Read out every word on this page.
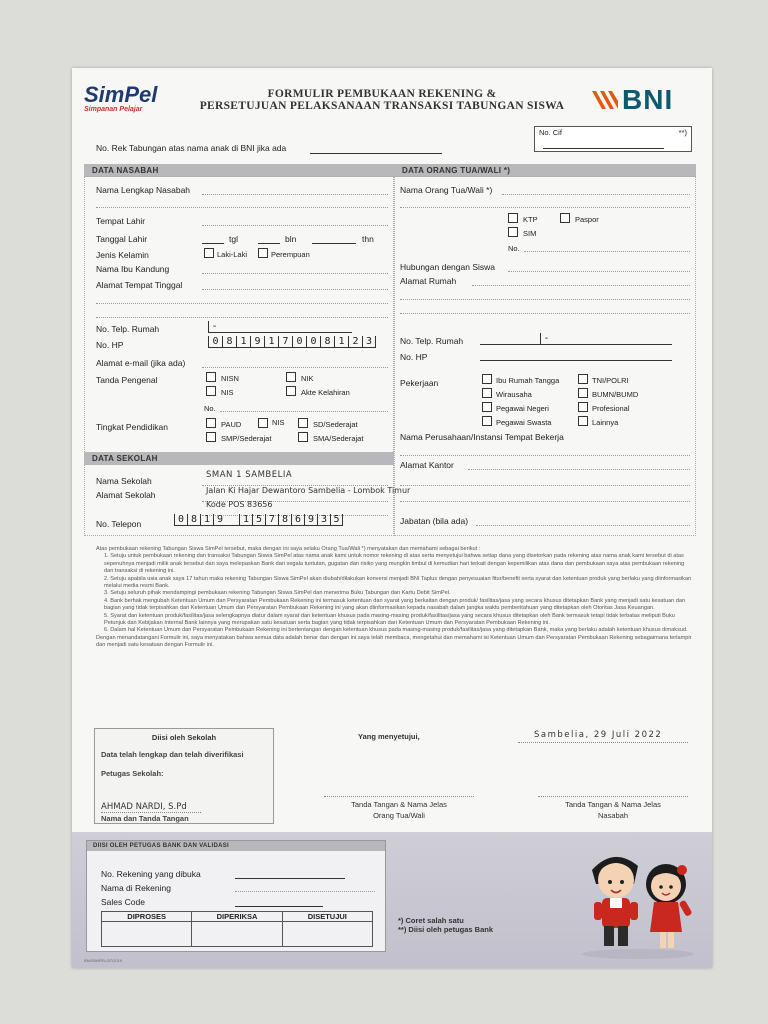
SimPel
Simpanan Pelajar
FORMULIR PEMBUKAAN REKENING &
PERSETUJUAN PELAKSANAAN TRANSAKSI TABUNGAN SISWA BNI
No. Cif	**)
No. Rek Tabungan atas nama anak di BNI jika ada
DATA NASABAH	DATA ORANG TUA/WALI *)
Nama Lengkap Nasabah
Tempat Lahir
Tanggal Lahir	tgl	bln	thn
Jenis Kelamin	Laki-Laki	Perempuan
Nama Ibu Kandung
Alamat Tempat Tinggal
No. Telp. Rumah	-
No. HP	0 8 1 9 1 7 0 0 8 1 2 3
Alamat e-mail (jika ada)
Tanda Pengenal	NISN	NIK
NIS	Akte Kelahiran
No.
Tingkat Pendidikan	PAUD	NIS	SD/Sederajat
SMP/Sederajat	SMA/Sederajat
DATA SEKOLAH
Nama Sekolah
SMAN 1 SAMBELIA
Alamat Sekolah	Jalan Ki Hajar Dewantoro Sambelia - Lombok Timur
Kode POS 83656
No. Telepon	0 8 1 9	1 5 7 8 6 9 3 5
Nama Orang Tua/Wali *)
KTP	Paspor
SIM
No.
Hubungan dengan Siswa
Alamat Rumah
No. Telp. Rumah	-
No. HP
Pekerjaan	Ibu Rumah Tangga
Wirausaha
Pegawai Negeri
Pegawai Swasta
TNI/POLRI
BUMN/BUMD
Profesional
Lainnya
Nama Perusahaan/Instansi Tempat Bekerja
Alamat Kantor
Jabatan (bila ada)
Atas pembukaan rekening Tabungan Siswa SimPel tersebut, maka dengan ini saya selaku Orang Tua/Wali *) menyatakan dan memahami sebagai berikut :
1. Setuju untuk pembukaan rekening dan transaksi Tabungan Siswa SimPel atas nama anak kami untuk nomor rekening di atas serta menyetujui bahwa setiap dana yang disetorkan pada rekening atas nama anak kami tersebut di atas sepenuhnya menjadi milik anak tersebut dan saya melepaskan Bank dari segala tuntutan, gugatan dan risiko yang mungkin timbul di kemudian hari terkait dengan kepemilikan atas dana dan pembukaan saya atas pembukaan rekening dan transaksi di rekening ini.
2. Setuju apabila usia anak saya 17 tahun maka rekening Tabungan Siswa SimPel akan diubah/dilakukan konversi menjadi BNI Taplus dengan penyesuaian fitur/benefit serta syarat dan ketentuan produk yang berlaku yang diinformasikan melalui media resmi Bank.
3. Setuju seluruh pihak mendampingi pembukaan rekening Tabungan Siswa SimPel dan menerima Buku Tabungan dan Kartu Debit SimPel.
4. Bank berhak mengubah Ketentuan Umum dan Persyaratan Pembukaan Rekening ini termasuk ketentuan dan syarat yang berkaitan dengan produk/ fasilitas/jasa yang secara khusus ditetapkan Bank yang menjadi satu kesatuan dan bagian yang tidak terpisahkan dari Ketentuan Umum dan Persyaratan Pembukaan Rekening ini yang akan diinformasikan kepada nasabah dalam jangka waktu pemberitahuan yang ditetapkan oleh Otoritas Jasa Keuangan.
5. Syarat dan ketentuan produk/fasilitas/jasa selengkapnya diatur dalam syarat dan ketentuan khusus pada masing-masing produk/fasilitas/jasa yang secara khusus ditetapkan oleh Bank termasuk tetapi tidak terbatas meliputi Buku Petunjuk dan Kebijakan Internal Bank lainnya yang merupakan satu kesatuan serta bagian yang tidak terpisahkan dari Ketentuan Umum dan Persyaratan Pembukaan Rekening ini.
6. Dalam hal Ketentuan Umum dan Persyaratan Pembukaan Rekening ini bertentangan dengan ketentuan khusus pada masing-masing produk/fasilitas/jasa yang ditetapkan Bank, maka yang berlaku adalah ketentuan khusus dimaksud.
Dengan menandatangani Formulir ini, saya menyatakan bahwa semua data adalah benar dan dengan ini saya telah membaca, mengetahui dan memahami isi Ketentuan Umum dan Persyaratan Pembukaan Rekening sebagaimana terlampir dan menjadi satu kesatuan dengan Formulir ini.
Diisi oleh Sekolah
Data telah lengkap dan telah diverifikasi
Petugas Sekolah:
AHMAD NARDI, S.Pd
Nama dan Tanda Tangan
Yang menyetujui,	Sambelia, 29 Juli 2022
Tanda Tangan & Nama Jelas
Orang Tua/Wali
Tanda Tangan & Nama Jelas
Nasabah
DIISI OLEH PETUGAS BANK DAN VALIDASI
No. Rekening yang dibuka
Nama di Rekening
Sales Code
DIPROSES	DIPERIKSA	DISETUJUI	*) Coret salah satu
**) Diisi oleh petugas Bank
BNI/SIMPEL/07/2019
